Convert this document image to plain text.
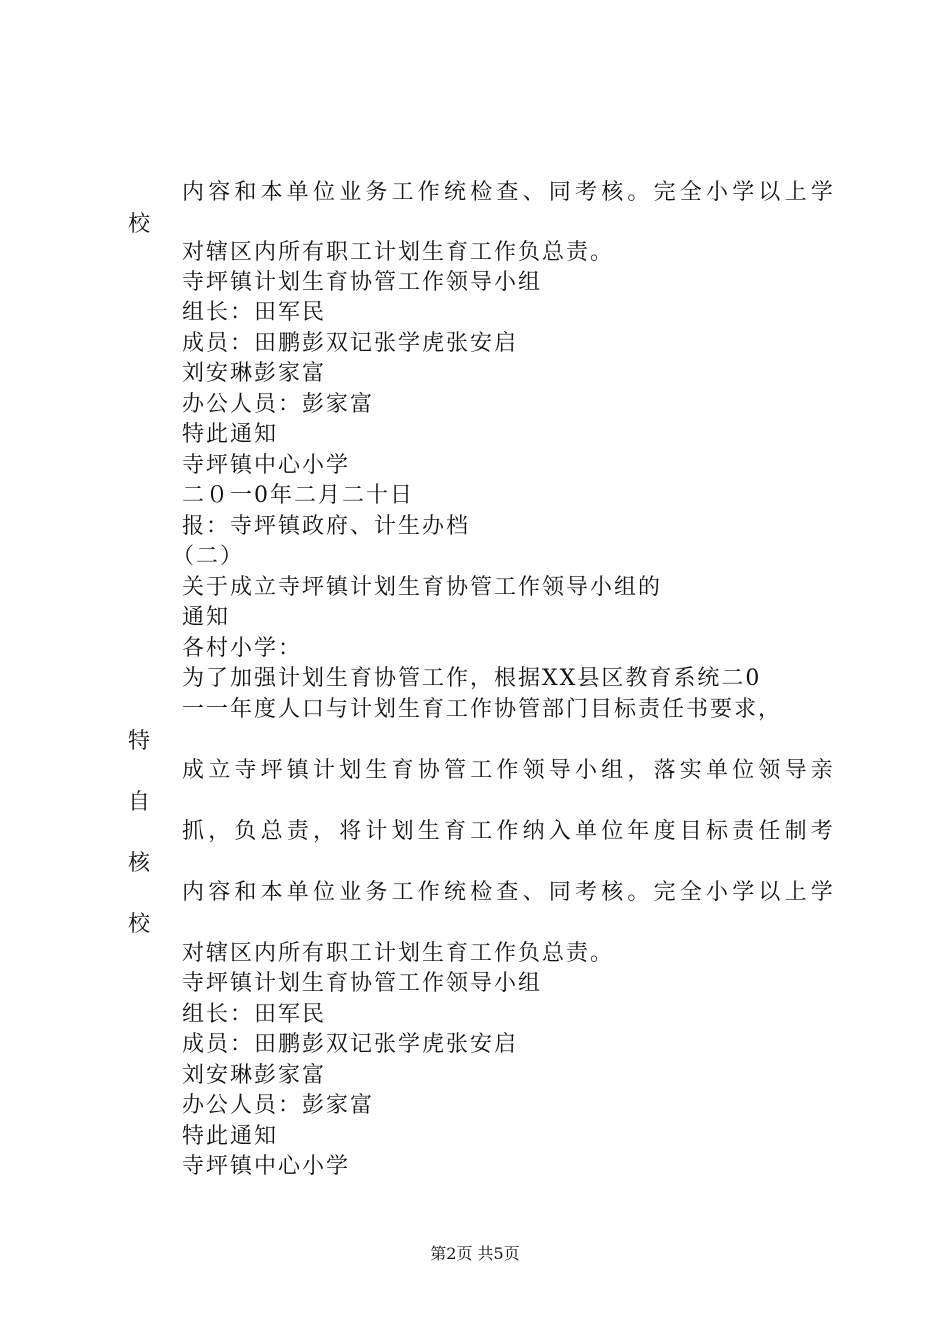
内容和本单位业务工作统检查、同考核。完全小学以上学
校
对辖区内所有职工计划生育工作负总责。
寺坪镇计划生育协管工作领导小组
组长：田军民
成员：田鹏彭双记张学虎张安启
刘安琳彭家富
办公人员：彭家富
特此通知
寺坪镇中心小学
二０一0年二月二十日
报：寺坪镇政府、计生办档
（二）
关于成立寺坪镇计划生育协管工作领导小组的
通知
各村小学：
为了加强计划生育协管工作，根据XX县区教育系统二0
一一年度人口与计划生育工作协管部门目标责任书要求，
特
成立寺坪镇计划生育协管工作领导小组，落实单位领导亲
自
抓，负总责，将计划生育工作纳入单位年度目标责任制考
核
内容和本单位业务工作统检查、同考核。完全小学以上学
校
对辖区内所有职工计划生育工作负总责。
寺坪镇计划生育协管工作领导小组
组长：田军民
成员：田鹏彭双记张学虎张安启
刘安琳彭家富
办公人员：彭家富
特此通知
寺坪镇中心小学
第2页 共5页
